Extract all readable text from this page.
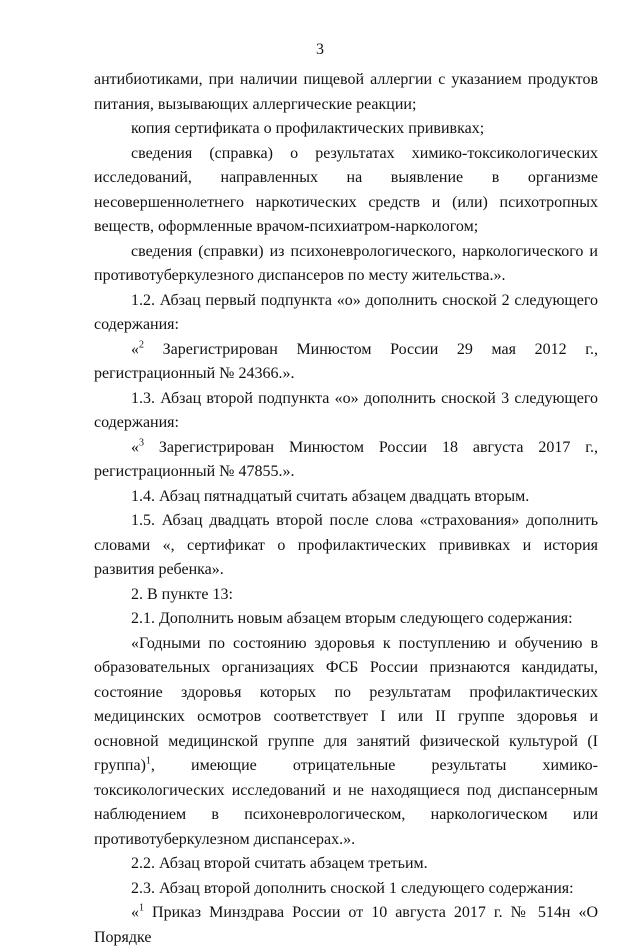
3

антибиотиками, при наличии пищевой аллергии с указанием продуктов питания, вызывающих аллергические реакции;

копия сертификата о профилактических прививках;

сведения (справка) о результатах химико-токсикологических исследований, направленных на выявление в организме несовершеннолетнего наркотических средств и (или) психотропных веществ, оформленные врачом-психиатром-наркологом;

сведения (справки) из психоневрологического, наркологического и противотуберкулезного диспансеров по месту жительства.».

1.2. Абзац первый подпункта «о» дополнить сноской 2 следующего содержания:

«$^2$ Зарегистрирован Минюстом России 29 мая 2012 г., регистрационный № 24366.».

1.3. Абзац второй подпункта «о» дополнить сноской 3 следующего содержания:

«$^3$ Зарегистрирован Минюстом России 18 августа 2017 г., регистрационный № 47855.».

1.4. Абзац пятнадцатый считать абзацем двадцать вторым.

1.5. Абзац двадцать второй после слова «страхования» дополнить словами «, сертификат о профилактических прививках и история развития ребенка».

2. В пункте 13:

2.1. Дополнить новым абзацем вторым следующего содержания:

«Годными по состоянию здоровья к поступлению и обучению в образовательных организациях ФСБ России признаются кандидаты, состояние здоровья которых по результатам профилактических медицинских осмотров соответствует I или II группе здоровья и основной медицинской группе для занятий физической культурой (I группа)$^1$, имеющие отрицательные результаты химико-токсикологических исследований и не находящиеся под диспансерным наблюдением в психоневрологическом, наркологическом или противотуберкулезном диспансерах.».

2.2. Абзац второй считать абзацем третьим.

2.3. Абзац второй дополнить сноской 1 следующего содержания:

«$^1$ Приказ Минздрава России от 10 августа 2017 г. № 514н «О Порядке
